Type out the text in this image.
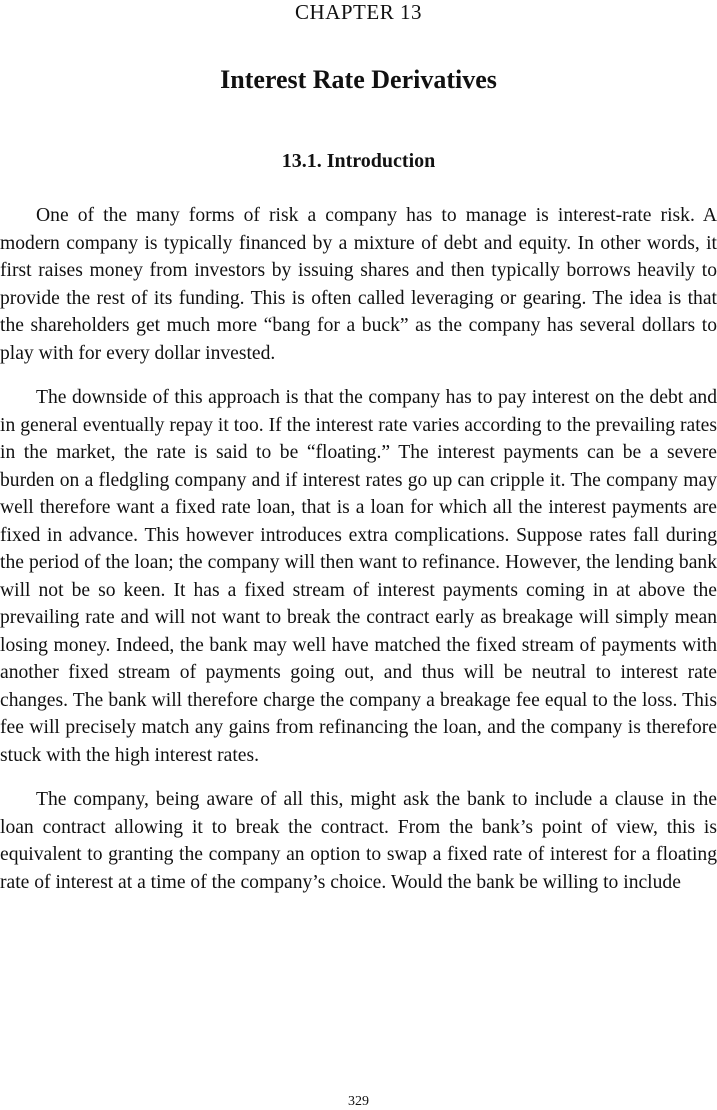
CHAPTER 13
Interest Rate Derivatives
13.1. Introduction

One of the many forms of risk a company has to manage is interest-rate risk. A modern company is typically financed by a mixture of debt and equity. In other words, it first raises money from investors by issuing shares and then typically borrows heavily to provide the rest of its funding. This is often called leveraging or gearing. The idea is that the shareholders get much more “bang for a buck” as the company has several dollars to play with for every dollar invested.

The downside of this approach is that the company has to pay interest on the debt and in general eventually repay it too. If the interest rate varies according to the prevailing rates in the market, the rate is said to be “floating.” The interest payments can be a severe burden on a fledgling company and if interest rates go up can cripple it. The company may well therefore want a fixed rate loan, that is a loan for which all the interest payments are fixed in advance. This however introduces extra complications. Suppose rates fall during the period of the loan; the company will then want to refinance. However, the lending bank will not be so keen. It has a fixed stream of interest payments coming in at above the prevailing rate and will not want to break the contract early as breakage will simply mean losing money. Indeed, the bank may well have matched the fixed stream of payments with another fixed stream of payments going out, and thus will be neutral to interest rate changes. The bank will therefore charge the company a breakage fee equal to the loss. This fee will precisely match any gains from refinancing the loan, and the company is therefore stuck with the high interest rates.

The company, being aware of all this, might ask the bank to include a clause in the loan contract allowing it to break the contract. From the bank’s point of view, this is equivalent to granting the company an option to swap a fixed rate of interest for a floating rate of interest at a time of the company’s choice. Would the bank be willing to include

329
